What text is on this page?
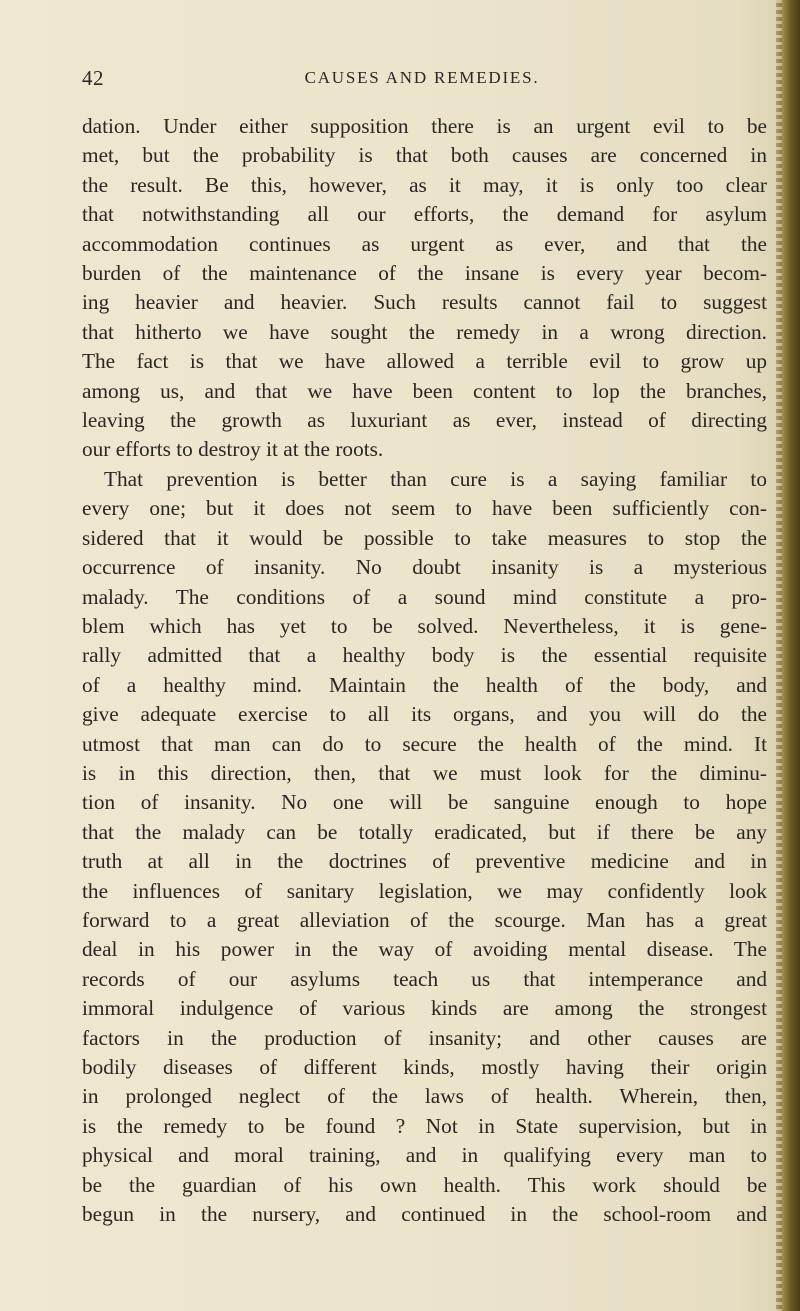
42	CAUSES AND REMEDIES.
dation. Under either supposition there is an urgent evil to be
met, but the probability is that both causes are concerned in
the result. Be this, however, as it may, it is only too clear
that notwithstanding all our efforts, the demand for asylum
accommodation continues as urgent as ever, and that the
burden of the maintenance of the insane is every year becom-
ing heavier and heavier. Such results cannot fail to suggest
that hitherto we have sought the remedy in a wrong direction.
The fact is that we have allowed a terrible evil to grow up
among us, and that we have been content to lop the branches,
leaving the growth as luxuriant as ever, instead of directing
our efforts to destroy it at the roots.
That prevention is better than cure is a saying familiar to
every one; but it does not seem to have been sufficiently con-
sidered that it would be possible to take measures to stop the
occurrence of insanity. No doubt insanity is a mysterious
malady. The conditions of a sound mind constitute a pro-
blem which has yet to be solved. Nevertheless, it is gene-
rally admitted that a healthy body is the essential requisite
of a healthy mind. Maintain the health of the body, and
give adequate exercise to all its organs, and you will do the
utmost that man can do to secure the health of the mind. It
is in this direction, then, that we must look for the diminu-
tion of insanity. No one will be sanguine enough to hope
that the malady can be totally eradicated, but if there be any
truth at all in the doctrines of preventive medicine and in
the influences of sanitary legislation, we may confidently look
forward to a great alleviation of the scourge. Man has a great
deal in his power in the way of avoiding mental disease. The
records of our asylums teach us that intemperance and
immoral indulgence of various kinds are among the strongest
factors in the production of insanity; and other causes are
bodily diseases of different kinds, mostly having their origin
in prolonged neglect of the laws of health. Wherein, then,
is the remedy to be found ? Not in State supervision, but in
physical and moral training, and in qualifying every man to
be the guardian of his own health. This work should be
begun in the nursery, and continued in the school-room and
